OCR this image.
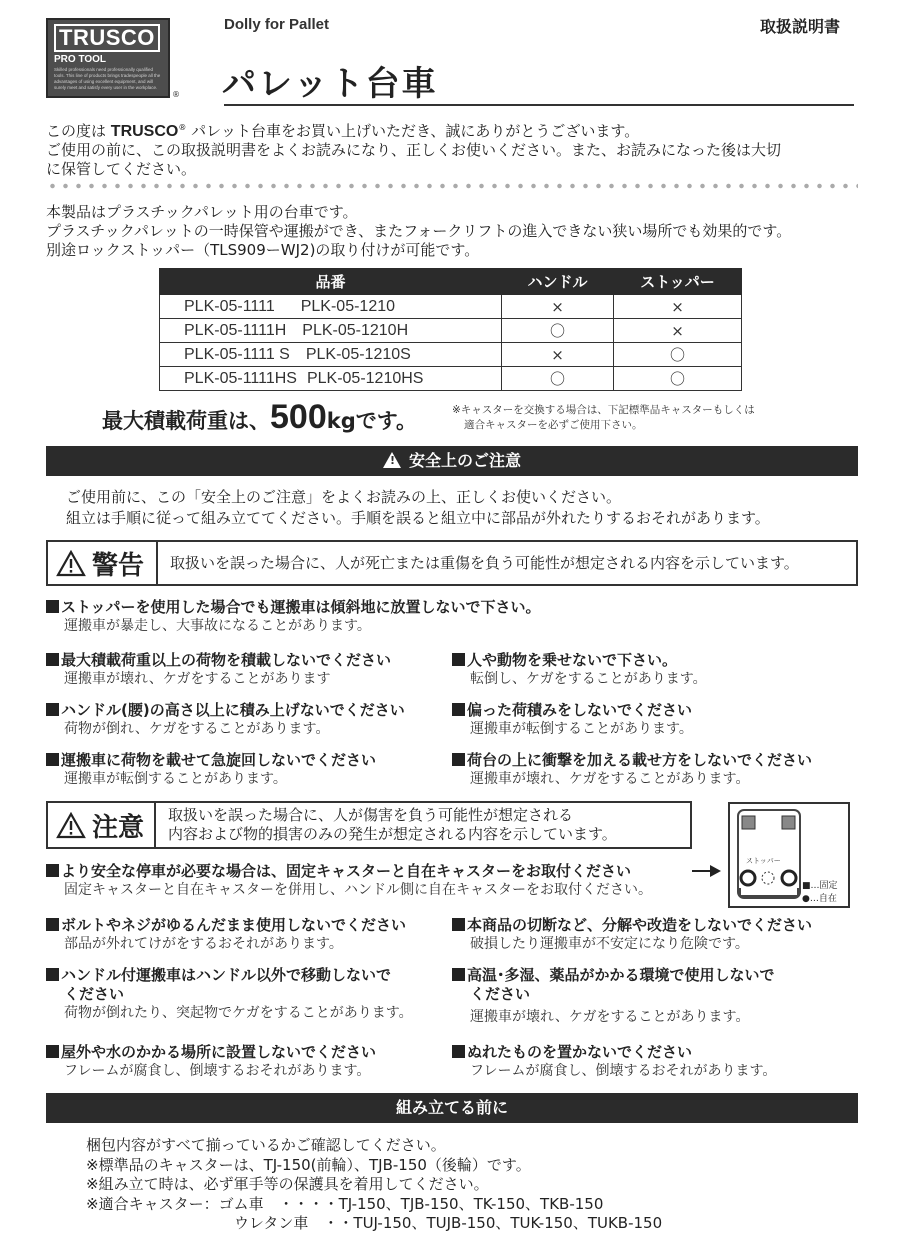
TRUSCO
PRO TOOL
Skilled professionals need professionally qualified tools. This line of products brings tradespeople all the advantages of using excellent equipment, and will surely meet and satisfy every user in the workplace.
®
Dolly for Pallet	取扱説明書
パレット台車
この度は TRUSCO® パレット台車をお買い上げいただき、誠にありがとうございます。
ご使用の前に、この取扱説明書をよくお読みになり、正しくお使いください。また、お読みになった後は大切
に保管してください。
本製品はプラスチックパレット用の台車です。
プラスチックパレットの一時保管や運搬ができ、またフォークリフトの進入できない狭い場所でも効果的です。
別途ロックストッパー（TLS909ーWJ2)の取り付けが可能です。
品番	ハンドル	ストッパー
PLK-05-1111 PLK-05-1210	×	×
PLK-05-1111H PLK-05-1210H	〇	×
PLK-05-1111 S PLK-05-1210S	×	〇
PLK-05-1111HS PLK-05-1210HS	〇	〇
最大積載荷重は、500kgです。	※キャスターを交換する場合は、下記標準品キャスターもしくは
適合キャスターを必ずご使用下さい。
! 安全上のご注意
ご使用前に、この「安全上のご注意」をよくお読みの上、正しくお使いください。
組立は手順に従って組み立ててください。手順を誤ると組立中に部品が外れたりするおそれがあります。
警告 取扱いを誤った場合に、人が死亡または重傷を負う可能性が想定される内容を示しています。
ストッパーを使用した場合でも運搬車は傾斜地に放置しないで下さい。
運搬車が暴走し、大事故になることがあります。
最大積載荷重以上の荷物を積載しないでください
運搬車が壊れ、ケガをすることがあります
人や動物を乗せないで下さい。
転倒し、ケガをすることがあります。
ハンドル(腰)の高さ以上に積み上げないでください
荷物が倒れ、ケガをすることがあります。
偏った荷積みをしないでください
運搬車が転倒することがあります。
運搬車に荷物を載せて急旋回しないでください
運搬車が転倒することがあります。
荷台の上に衝撃を加える載せ方をしないでください
運搬車が壊れ、ケガをすることがあります。
注意 取扱いを誤った場合に、人が傷害を負う可能性が想定される
内容および物的損害のみの発生が想定される内容を示しています。
ストッパー
■…固定
●…自在
より安全な停車が必要な場合は、固定キャスターと自在キャスターをお取付ください
固定キャスターと自在キャスターを併用し、ハンドル側に自在キャスターをお取付ください。
ボルトやネジがゆるんだまま使用しないでください
部品が外れてけがをするおそれがあります。
本商品の切断など、分解や改造をしないでください
破損したり運搬車が不安定になり危険です。
ハンドル付運搬車はハンドル以外で移動しないで
ください
荷物が倒れたり、突起物でケガをすることがあります。
高温･多湿、薬品がかかる環境で使用しないで
ください
運搬車が壊れ、ケガをすることがあります。
屋外や水のかかる場所に設置しないでください
フレームが腐食し、倒壊するおそれがあります。
ぬれたものを置かないでください
フレームが腐食し、倒壊するおそれがあります。
組み立てる前に
梱包内容がすべて揃っているかご確認してください。
※標準品のキャスターは、TJ-150(前輪）、TJB-150（後輪）です。
※組み立て時は、必ず軍手等の保護具を着用してください。
※適合キャスター：ゴム車　・・・・TJ-150、TJB-150、TK-150、TKB-150
ウレタン車　・・TUJ-150、TUJB-150、TUK-150、TUKB-150
